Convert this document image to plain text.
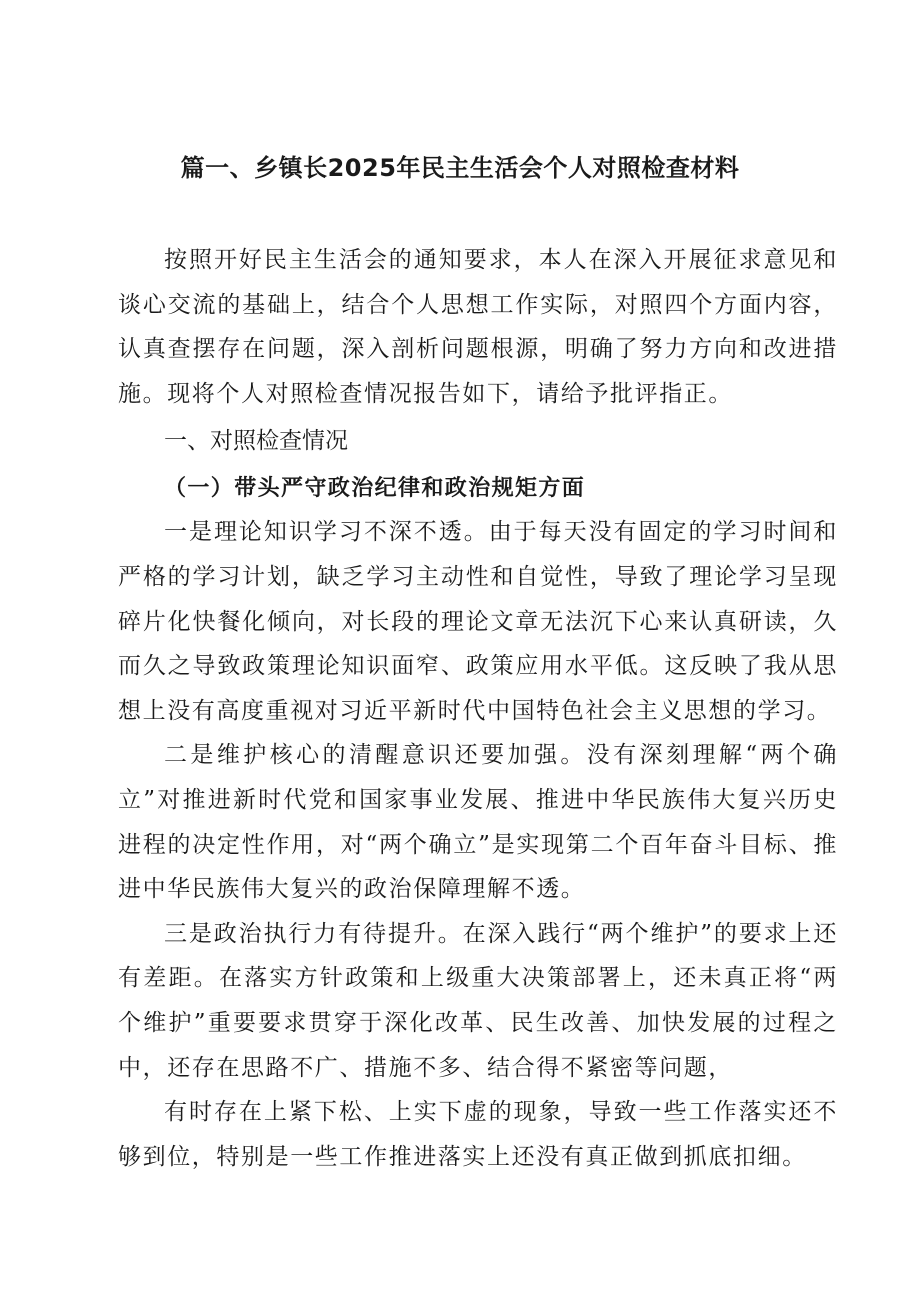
篇一、乡镇长2025年民主生活会个人对照检查材料

按照开好民主生活会的通知要求，本人在深入开展征求意见和谈心交流的基础上，结合个人思想工作实际，对照四个方面内容，认真查摆存在问题，深入剖析问题根源，明确了努力方向和改进措施。现将个人对照检查情况报告如下，请给予批评指正。

一、对照检查情况
（一）带头严守政治纪律和政治规矩方面

一是理论知识学习不深不透。由于每天没有固定的学习时间和严格的学习计划，缺乏学习主动性和自觉性，导致了理论学习呈现碎片化快餐化倾向，对长段的理论文章无法沉下心来认真研读，久而久之导致政策理论知识面窄、政策应用水平低。这反映了我从思想上没有高度重视对习近平新时代中国特色社会主义思想的学习。

二是维护核心的清醒意识还要加强。没有深刻理解“两个确立”对推进新时代党和国家事业发展、推进中华民族伟大复兴历史进程的决定性作用，对“两个确立”是实现第二个百年奋斗目标、推进中华民族伟大复兴的政治保障理解不透。

三是政治执行力有待提升。在深入践行“两个维护”的要求上还有差距。在落实方针政策和上级重大决策部署上，还未真正将“两个维护”重要要求贯穿于深化改革、民生改善、加快发展的过程之中，还存在思路不广、措施不多、结合得不紧密等问题，

有时存在上紧下松、上实下虚的现象，导致一些工作落实还不够到位，特别是一些工作推进落实上还没有真正做到抓底扣细。
